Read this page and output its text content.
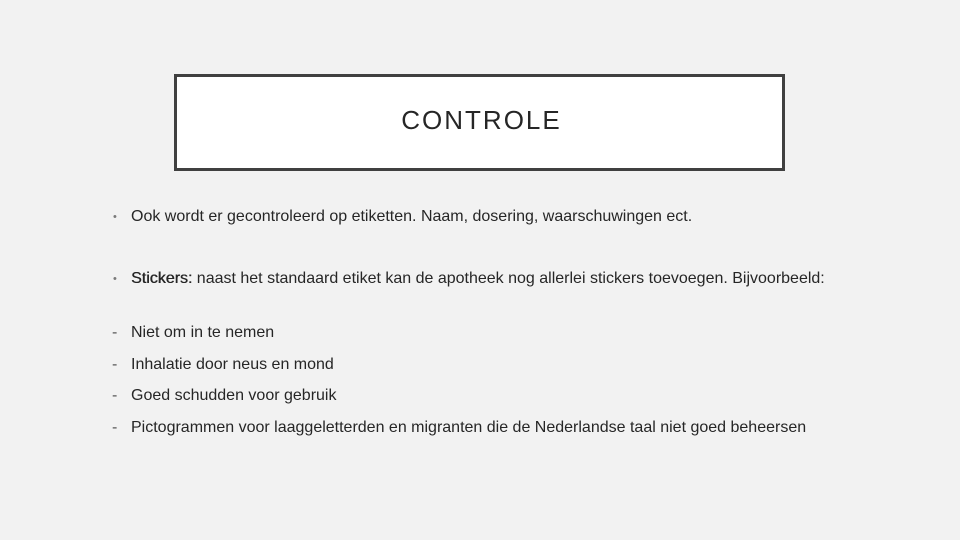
CONTROLE
• Ook wordt er gecontroleerd op etiketten. Naam, dosering, waarschuwingen ect.
• Stickers: naast het standaard etiket kan de apotheek nog allerlei stickers toevoegen. Bijvoorbeeld:
- Niet om in te nemen
- Inhalatie door neus en mond
- Goed schudden voor gebruik
- Pictogrammen voor laaggeletterden en migranten die de Nederlandse taal niet goed beheersen
